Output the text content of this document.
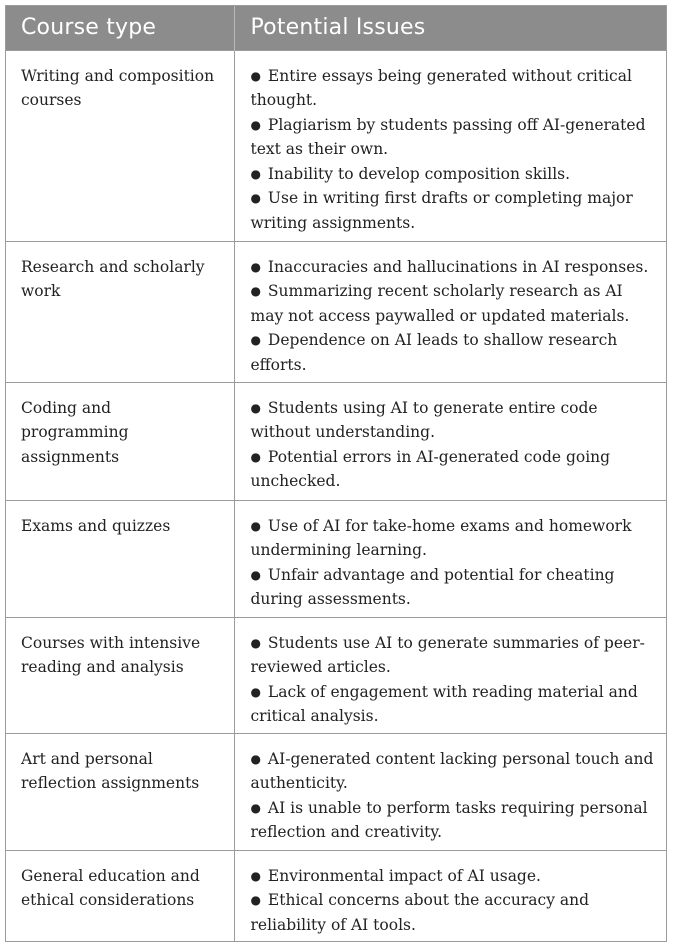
Course type	Potential Issues
Writing and composition courses	● Entire essays being generated without critical thought.
● Plagiarism by students passing off AI-generated text as their own.
● Inability to develop composition skills.
● Use in writing first drafts or completing major writing assignments.

Research and scholarly work	● Inaccuracies and hallucinations in AI responses.
● Summarizing recent scholarly research as AI may not access paywalled or updated materials.
● Dependence on AI leads to shallow research efforts.

Coding and programming assignments	● Students using AI to generate entire code without understanding.
● Potential errors in AI-generated code going unchecked.

Exams and quizzes	● Use of AI for take-home exams and homework undermining learning.
● Unfair advantage and potential for cheating during assessments.

Courses with intensive reading and analysis	● Students use AI to generate summaries of peer-reviewed articles.
● Lack of engagement with reading material and critical analysis.

Art and personal reflection assignments	● AI-generated content lacking personal touch and authenticity.
● AI is unable to perform tasks requiring personal reflection and creativity.

General education and ethical considerations	● Environmental impact of AI usage.
● Ethical concerns about the accuracy and reliability of AI tools.
